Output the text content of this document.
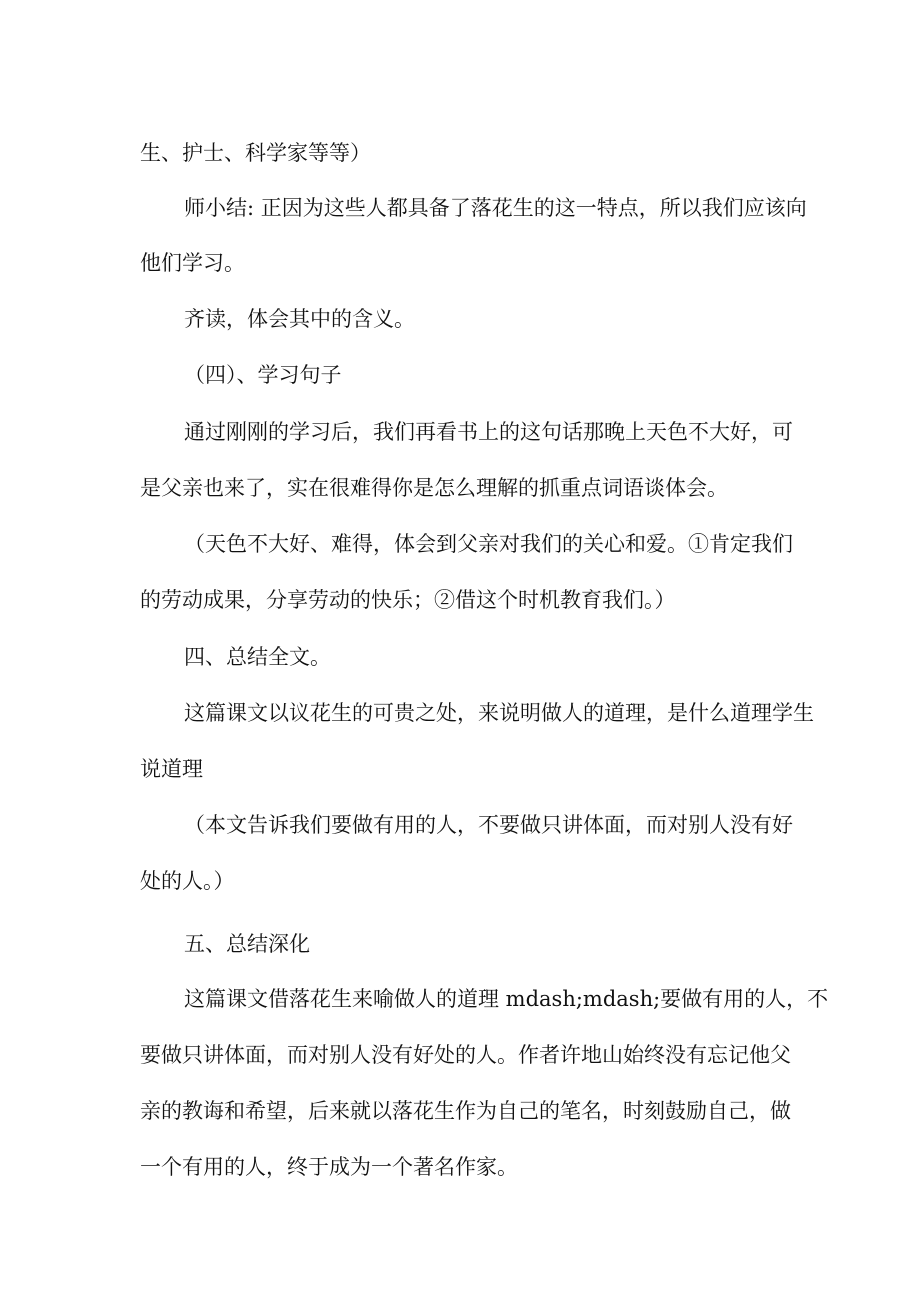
生、护士、科学家等等）
师小结: 正因为这些人都具备了落花生的这一特点，所以我们应该向
他们学习。
齐读，体会其中的含义。
（四）、学习句子
通过刚刚的学习后，我们再看书上的这句话那晚上天色不大好，可
是父亲也来了，实在很难得你是怎么理解的抓重点词语谈体会。
（天色不大好、难得，体会到父亲对我们的关心和爱。①肯定我们
的劳动成果，分享劳动的快乐；②借这个时机教育我们。）
四、总结全文。
这篇课文以议花生的可贵之处，来说明做人的道理，是什么道理学生
说道理
（本文告诉我们要做有用的人，不要做只讲体面，而对别人没有好
处的人。）
五、总结深化
这篇课文借落花生来喻做人的道理 mdash;mdash;要做有用的人，不
要做只讲体面，而对别人没有好处的人。作者许地山始终没有忘记他父
亲的教诲和希望，后来就以落花生作为自己的笔名，时刻鼓励自己，做
一个有用的人，终于成为一个著名作家。
